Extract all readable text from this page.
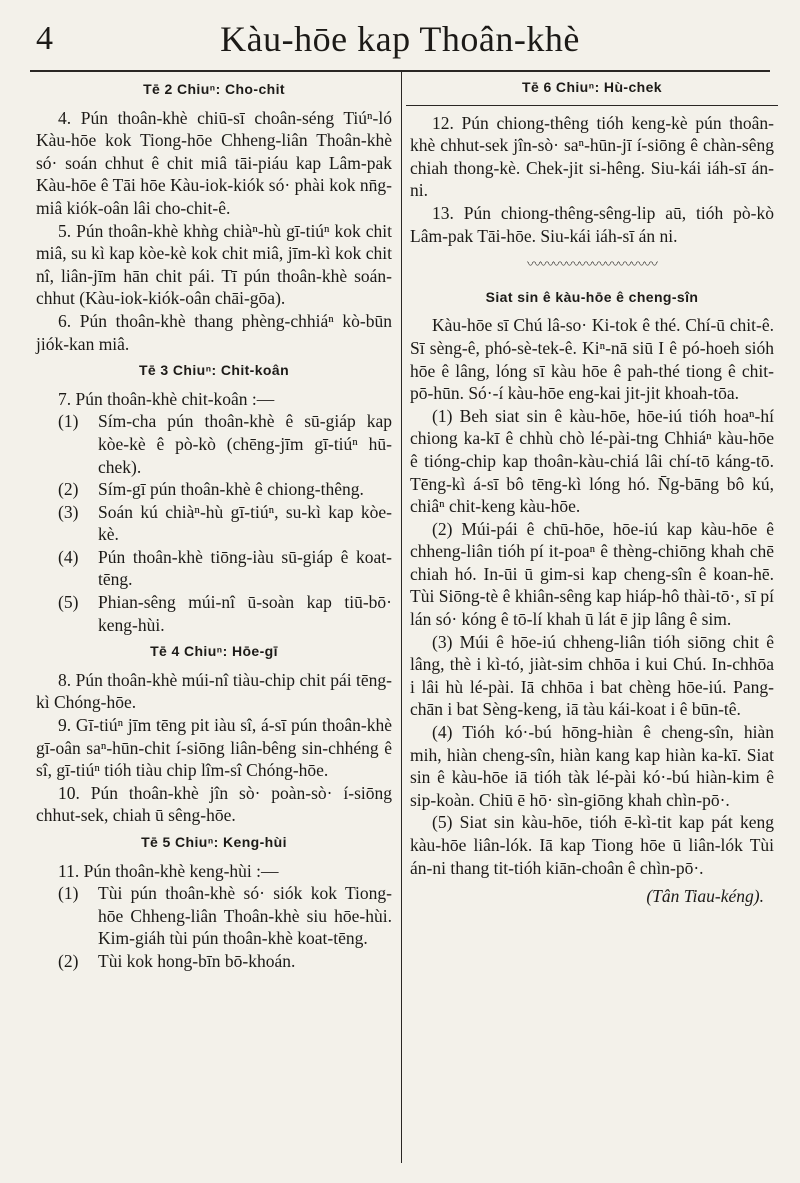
4	Kàu-hōe kap Thoân-khè
Tē 2 Chiuⁿ: Cho-chit

4. Pún thoân-khè chiū-sī choân-séng Tiúⁿ-ló Kàu-hōe kok Tiong-hōe Chheng-liân Thoân-khè só· soán chhut ê chit miâ tāi-piáu kap Lâm-pak Kàu-hōe ê Tāi hōe Kàu-iok-kiók só· phài kok nn̄g-miâ kiók-oân lâi cho-chit-ê.

5. Pún thoân-khè khǹg chiàⁿ-hù gī-tiúⁿ kok chit miâ, su kì kap kòe-kè kok chit miâ, jīm-kì kok chit nî, liân-jīm hān chit pái. Tī pún thoân-khè soán-chhut (Kàu-iok-kiók-oân chāi-gōa).

6. Pún thoân-khè thang phèng-chhiáⁿ kò-būn jiók-kan miâ.

Tē 3 Chiuⁿ: Chit-koân

7. Pún thoân-khè chit-koân :—

(1)	Sím-cha pún thoân-khè ê sū-giáp kap kòe-kè ê pò-kò (chēng-jīm gī-tiúⁿ hū-chek).
(2)	Sím-gī pún thoân-khè ê chiong-thêng.
(3)	Soán kú chiàⁿ-hù gī-tiúⁿ, su-kì kap kòe-kè.
(4)	Pún thoân-khè tiōng-iàu sū-giáp ê koat-tēng.
(5)	Phian-sêng múi-nî ū-soàn kap tiū-bō· keng-hùi.
Tē 4 Chiuⁿ: Hōe-gī

8. Pún thoân-khè múi-nî tiàu-chip chit pái tēng-kì Chóng-hōe.

9. Gī-tiúⁿ jīm tēng pit iàu sî, á-sī pún thoân-khè gī-oân saⁿ-hūn-chit í-siōng liân-bêng sin-chhéng ê sî, gī-tiúⁿ tióh tiàu chip lîm-sî Chóng-hōe.

10. Pún thoân-khè jîn sò· poàn-sò· í-siōng chhut-sek, chiah ū sêng-hōe.

Tē 5 Chiuⁿ: Keng-hùi

11. Pún thoân-khè keng-hùi :—

(1)	Tùi pún thoân-khè só· siók kok Tiong-hōe Chheng-liân Thoân-khè siu hōe-hùi. Kim-giáh tùi pún thoân-khè koat-tēng.
(2)	Tùi kok hong-bīn bō-khoán.
Tē 6 Chiuⁿ: Hù-chek

12. Pún chiong-thêng tióh keng-kè pún thoân-khè chhut-sek jîn-sò· saⁿ-hūn-jī í-siōng ê chàn-sêng chiah thong-kè. Chek-jit si-hêng. Siu-kái iáh-sī án-ni.

13. Pún chiong-thêng-sêng-lip aū, tióh pò-kò Lâm-pak Tāi-hōe. Siu-kái iáh-sī án ni.

〰〰〰〰〰〰〰〰〰〰
Siat sin ê kàu-hōe ê cheng-sîn

Kàu-hōe sī Chú lâ-so· Ki-tok ê thé. Chí-ū chit-ê. Sī sèng-ê, phó-sè-tek-ê. Kiⁿ-nā siū I ê pó-hoeh sióh hōe ê lâng, lóng sī kàu hōe ê pah-thé tiong ê chit-pō-hūn. Só·-í kàu-hōe eng-kai jit-jit khoah-tōa.

(1) Beh siat sin ê kàu-hōe, hōe-iú tióh hoaⁿ-hí chiong ka-kī ê chhù chò lé-pài-tng Chhiáⁿ kàu-hōe ê tióng-chip kap thoân-kàu-chiá lâi chí-tō káng-tō. Tēng-kì á-sī bô tēng-kì lóng hó. N̄g-bāng bô kú, chiâⁿ chit-keng kàu-hōe.

(2) Múi-pái ê chū-hōe, hōe-iú kap kàu-hōe ê chheng-liân tióh pí it-poaⁿ ê thèng-chiōng khah chē chiah hó. In-ūi ū gim-si kap cheng-sîn ê koan-hē. Tùi Siōng-tè ê khiân-sêng kap hiáp-hô thài-tō·, sī pí lán só· kóng ê tō-lí khah ū lát ē jip lâng ê sim.

(3) Múi ê hōe-iú chheng-liân tióh siōng chit ê lâng, thè i kì-tó, jiàt-sim chhōa i kui Chú. In-chhōa i lâi hù lé-pài. Iā chhōa i bat chèng hōe-iú. Pang-chān i bat Sèng-keng, iā tàu kái-koat i ê būn-tê.

(4) Tióh kó·-bú hōng-hiàn ê cheng-sîn, hiàn mih, hiàn cheng-sîn, hiàn kang kap hiàn ka-kī. Siat sin ê kàu-hōe iā tióh tàk lé-pài kó·-bú hiàn-kim ê sip-koàn. Chiū ē hō· sìn-giōng khah chìn-pō·.

(5) Siat sin kàu-hōe, tióh ē-kì-tit kap pát keng kàu-hōe liân-lók. Iā kap Tiong hōe ū liân-lók Tùi án-ni thang tit-tióh kiān-choân ê chìn-pō·.

(Tân Tiau-kéng).
